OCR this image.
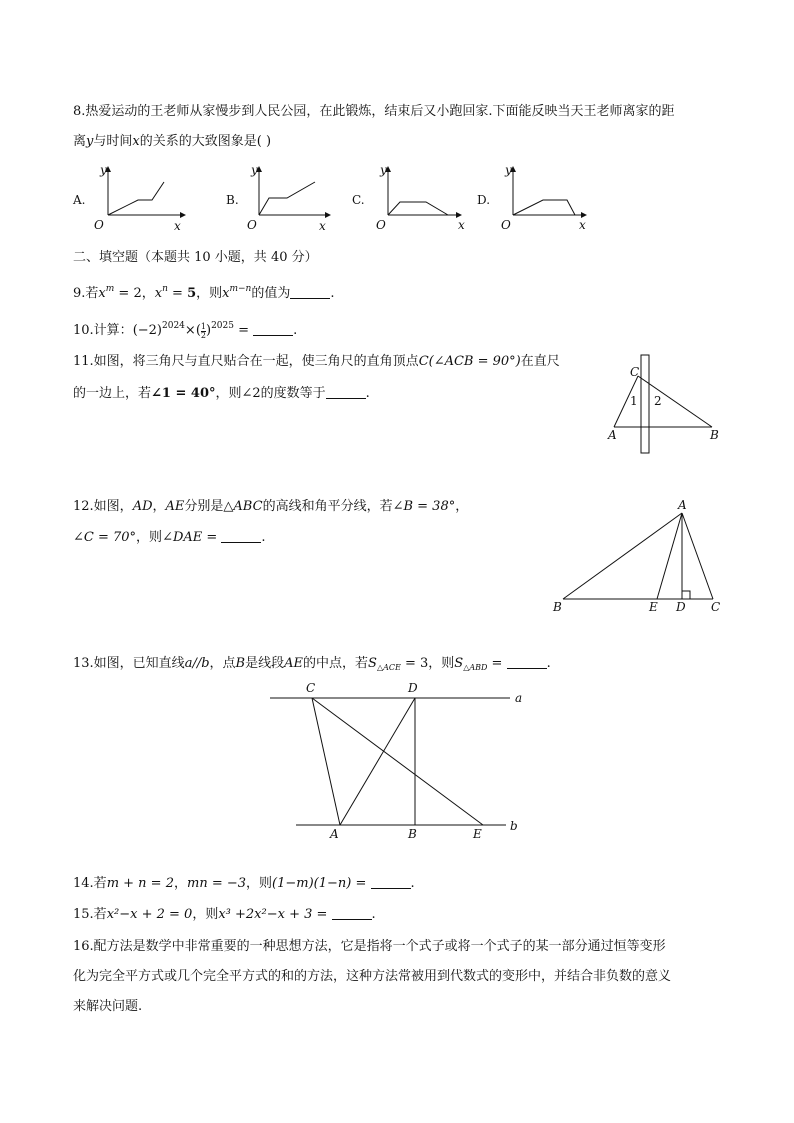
8.热爱运动的王老师从家慢步到人民公园，在此锻炼，结束后又小跑回家.下面能反映当天王老师离家的距
离y与时间x的关系的大致图象是( )
A.
O	x
y
B.
O	x
y
C.
O	x
y
D.
O	x
y
二、填空题（本题共 10 小题，共 40 分）
9.若$x^m = 2$，$x^n = 5$，则$x^{m-n}$的值为	.
10.计算：$(-2)^{2024}\times( \frac{1}{2} )^{2025}$ =	.
11.如图，将三角尺与直尺贴合在一起，使三角尺的直角顶点C(∠ACB = 90°)在直尺
的一边上，若∠1 = 40°，则∠2的度数等于	.
C
1 2
A	B
12.如图，AD，AE分别是△ABC的高线和角平分线，若∠B = 38°，
∠C = 70°，则∠DAE =	.
A
B	E D C
13.如图，已知直线a//b，点B是线段AE的中点，若$S_{\triangle ACE} = 3$，则$S_{\triangle ABD}$ =	.
C	D
a
A	B	E
b
14.若m + n = 2，mn = −3，则(1−m)(1−n) =	.
15.若x²−x + 2 = 0，则x³ +2x²−x + 3 =	.
16.配方法是数学中非常重要的一种思想方法，它是指将一个式子或将一个式子的某一部分通过恒等变形
化为完全平方式或几个完全平方式的和的方法，这种方法常被用到代数式的变形中，并结合非负数的意义
来解决问题.
